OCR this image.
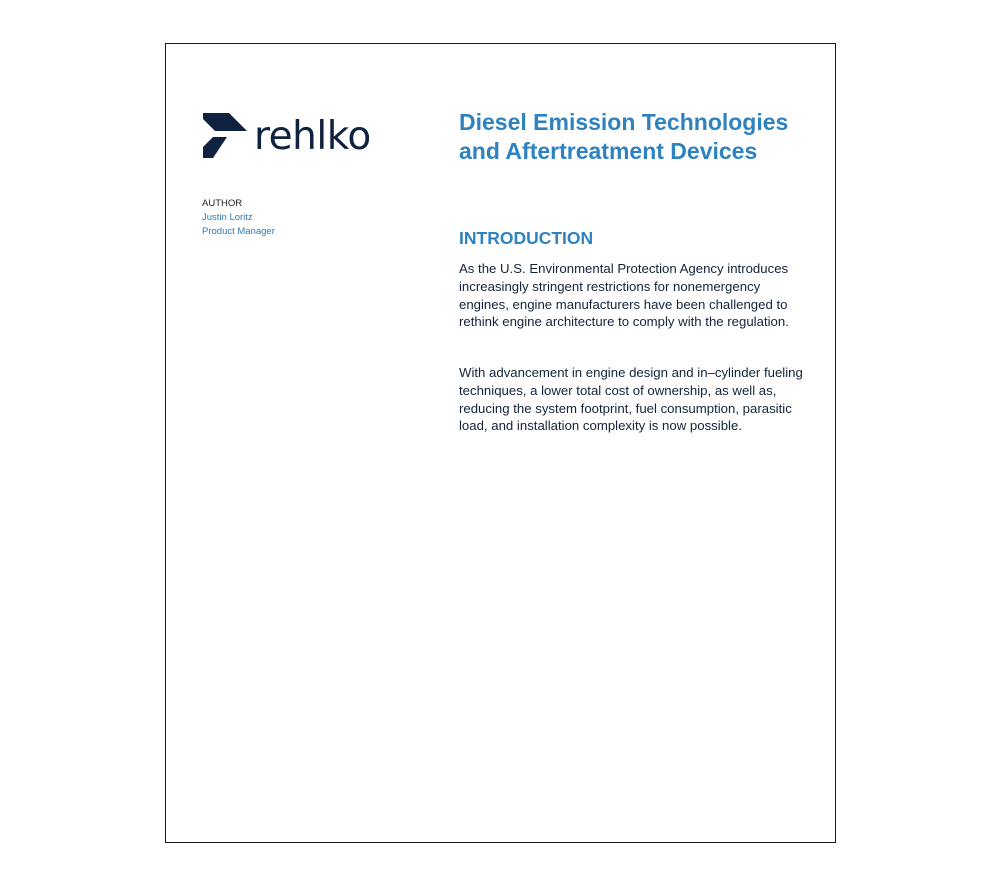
rehlko
AUTHOR
Justin Loritz
Product Manager
Diesel Emission Technologies
and Aftertreatment Devices
INTRODUCTION

As the U.S. Environmental Protection Agency introduces increasingly stringent restrictions for nonemergency engines, engine manufacturers have been challenged to rethink engine architecture to comply with the regulation.

With advancement in engine design and in–cylinder fueling techniques, a lower total cost of ownership, as well as, reducing the system footprint, fuel consumption, parasitic load, and installation complexity is now possible.
